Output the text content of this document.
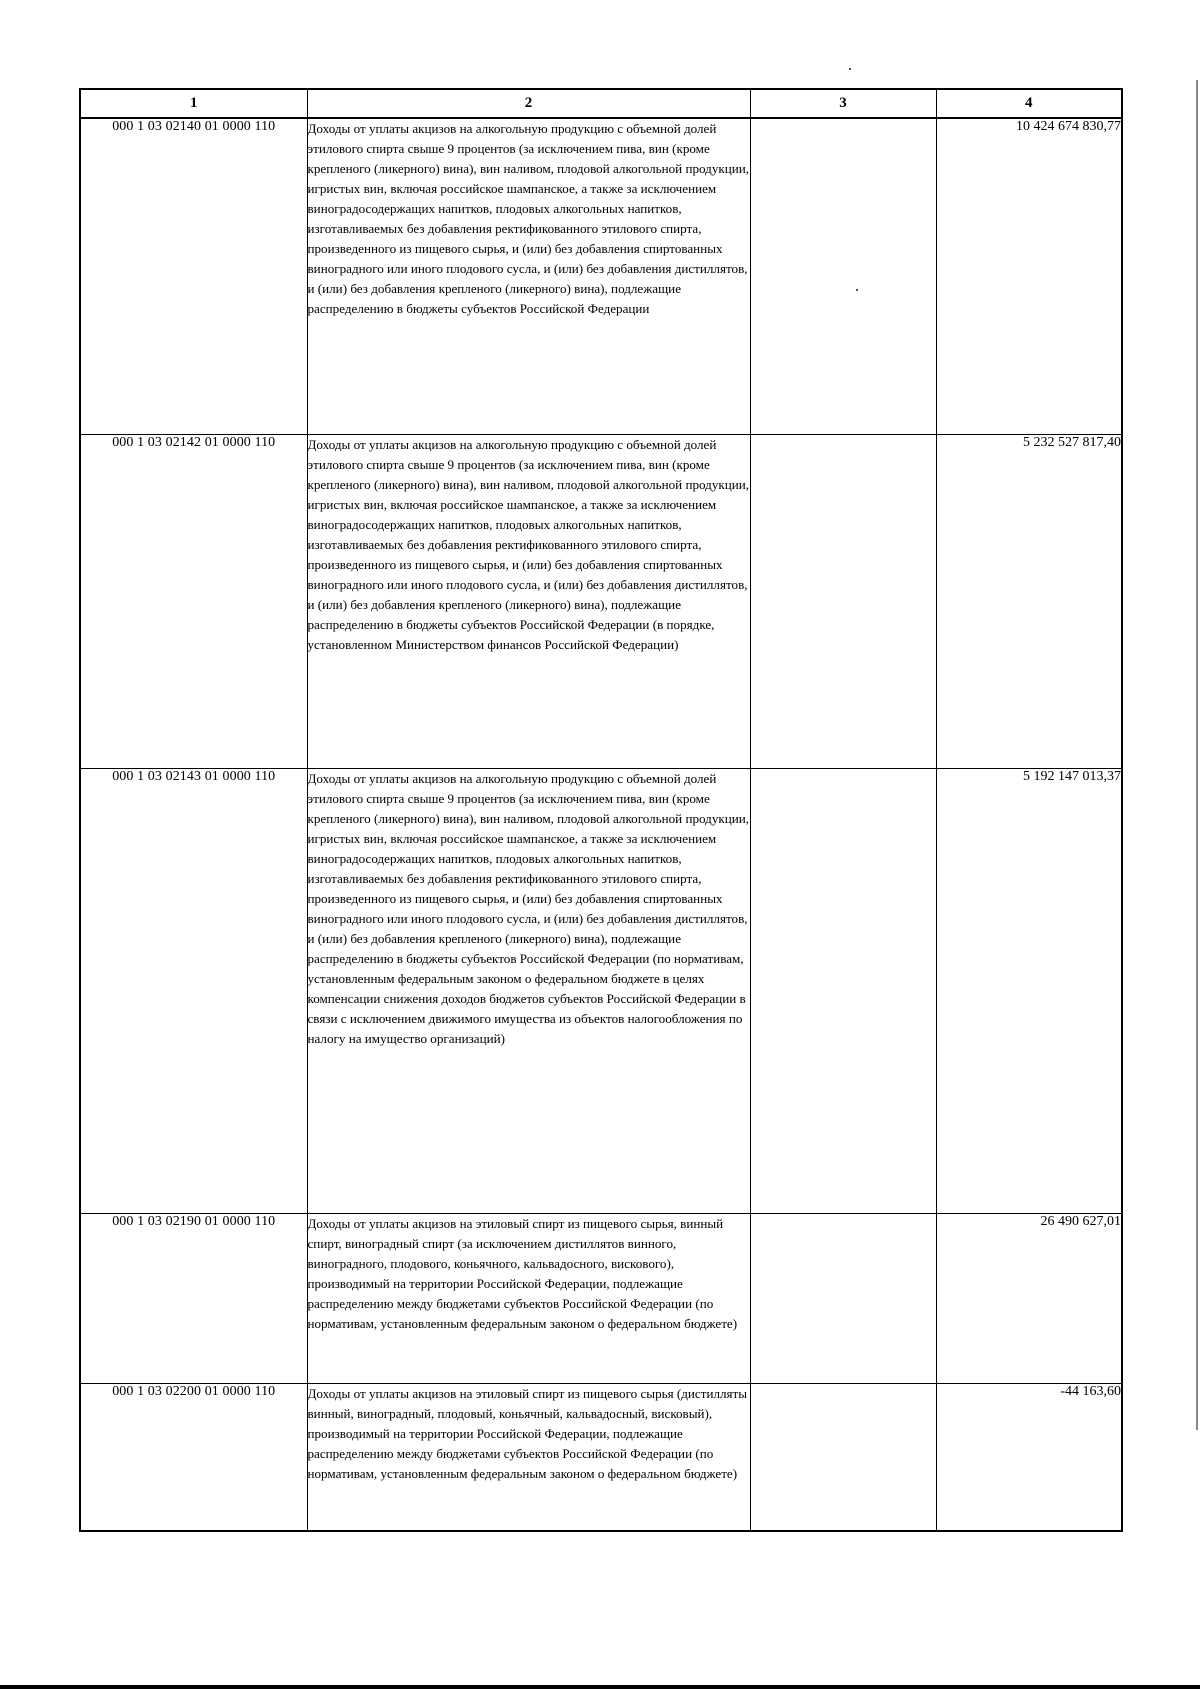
1	2	3	4
000 1 03 02140 01 0000 110	Доходы от уплаты акцизов на алкогольную продукцию с объемной долей этилового спирта свыше 9 процентов (за исключением пива, вин (кроме крепленого (ликерного) вина), вин наливом, плодовой алкогольной продукции, игристых вин, включая российское шампанское, а также за исключением виноградосодержащих напитков, плодовых алкогольных напитков, изготавливаемых без добавления ректификованного этилового спирта, произведенного из пищевого сырья, и (или) без добавления спиртованных виноградного или иного плодового сусла, и (или) без добавления дистиллятов, и (или) без добавления крепленого (ликерного) вина), подлежащие распределению в бюджеты субъектов Российской Федерации		10 424 674 830,77
000 1 03 02142 01 0000 110	Доходы от уплаты акцизов на алкогольную продукцию с объемной долей этилового спирта свыше 9 процентов (за исключением пива, вин (кроме крепленого (ликерного) вина), вин наливом, плодовой алкогольной продукции, игристых вин, включая российское шампанское, а также за исключением виноградосодержащих напитков, плодовых алкогольных напитков, изготавливаемых без добавления ректификованного этилового спирта, произведенного из пищевого сырья, и (или) без добавления спиртованных виноградного или иного плодового сусла, и (или) без добавления дистиллятов, и (или) без добавления крепленого (ликерного) вина), подлежащие распределению в бюджеты субъектов Российской Федерации (в порядке, установленном Министерством финансов Российской Федерации)		5 232 527 817,40
000 1 03 02143 01 0000 110	Доходы от уплаты акцизов на алкогольную продукцию с объемной долей этилового спирта свыше 9 процентов (за исключением пива, вин (кроме крепленого (ликерного) вина), вин наливом, плодовой алкогольной продукции, игристых вин, включая российское шампанское, а также за исключением виноградосодержащих напитков, плодовых алкогольных напитков, изготавливаемых без добавления ректификованного этилового спирта, произведенного из пищевого сырья, и (или) без добавления спиртованных виноградного или иного плодового сусла, и (или) без добавления дистиллятов, и (или) без добавления крепленого (ликерного) вина), подлежащие распределению в бюджеты субъектов Российской Федерации (по нормативам, установленным федеральным законом о федеральном бюджете в целях компенсации снижения доходов бюджетов субъектов Российской Федерации в связи с исключением движимого имущества из объектов налогообложения по налогу на имущество организаций)		5 192 147 013,37
000 1 03 02190 01 0000 110	Доходы от уплаты акцизов на этиловый спирт из пищевого сырья, винный спирт, виноградный спирт (за исключением дистиллятов винного, виноградного, плодового, коньячного, кальвадосного, вискового), производимый на территории Российской Федерации, подлежащие распределению между бюджетами субъектов Российской Федерации (по нормативам, установленным федеральным законом о федеральном бюджете)		26 490 627,01
000 1 03 02200 01 0000 110	Доходы от уплаты акцизов на этиловый спирт из пищевого сырья (дистилляты винный, виноградный, плодовый, коньячный, кальвадосный, висковый), производимый на территории Российской Федерации, подлежащие распределению между бюджетами субъектов Российской Федерации (по нормативам, установленным федеральным законом о федеральном бюджете)		-44 163,60
